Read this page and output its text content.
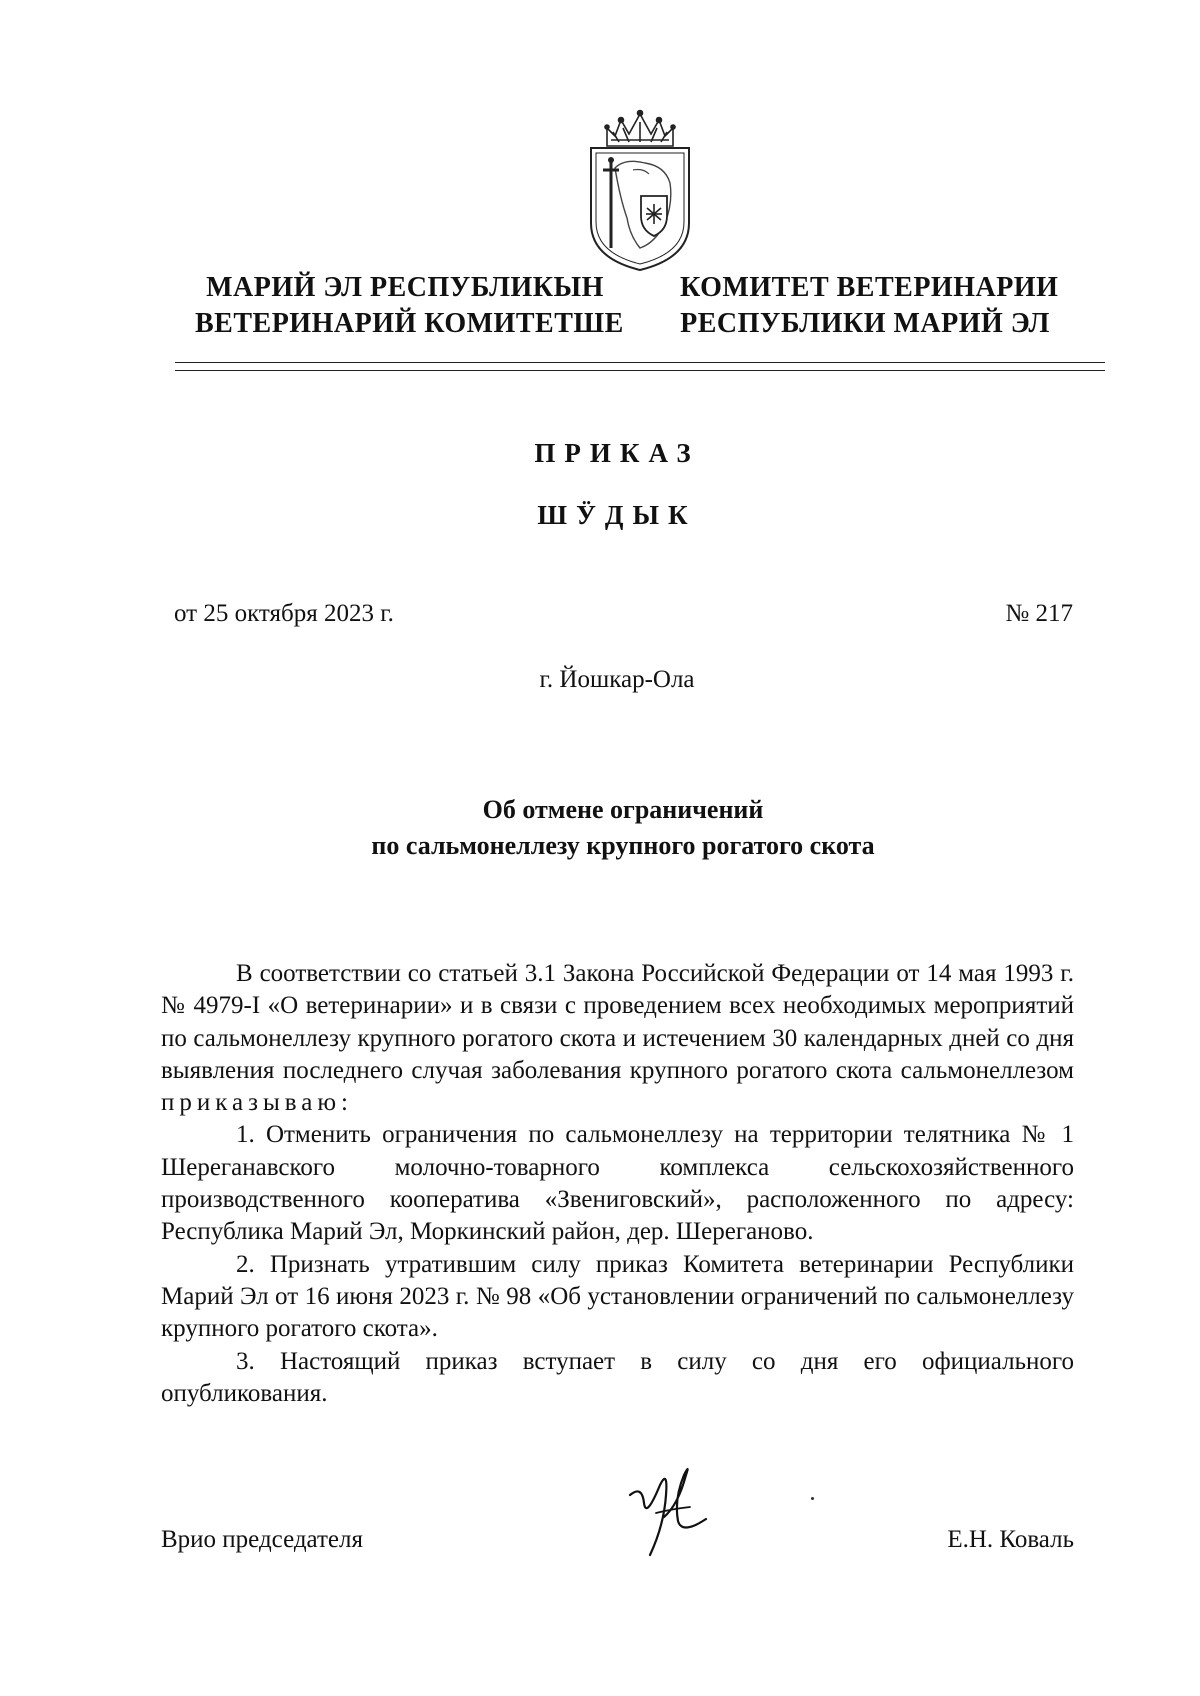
МАРИЙ ЭЛ РЕСПУБЛИКЫН
ВЕТЕРИНАРИЙ КОМИТЕТШЕ
КОМИТЕТ ВЕТЕРИНАРИИ
РЕСПУБЛИКИ МАРИЙ ЭЛ
ПРИКАЗ
ШӰДЫК
от 25 октября 2023 г.	№ 217
г. Йошкар-Ола
Об отмене ограничений
по сальмонеллезу крупного рогатого скота

В соответствии со статьей 3.1 Закона Российской Федерации от 14 мая 1993 г. № 4979-I «О ветеринарии» и в связи с проведением всех необходимых мероприятий по сальмонеллезу крупного рогатого скота и истечением 30 календарных дней со дня выявления последнего случая заболевания крупного рогатого скота сальмонеллезом приказываю:

1. Отменить ограничения по сальмонеллезу на территории телятника № 1 Шереганавского молочно-товарного комплекса сельскохозяйственного производственного кооператива «Звениговский», расположенного по адресу: Республика Марий Эл, Моркинский район, дер. Шереганово.

2. Признать утратившим силу приказ Комитета ветеринарии Республики Марий Эл от 16 июня 2023 г. № 98 «Об установлении ограничений по сальмонеллезу крупного рогатого скота».

3. Настоящий приказ вступает в силу со дня его официального опубликования.

Врио председателя	Е.Н. Коваль
